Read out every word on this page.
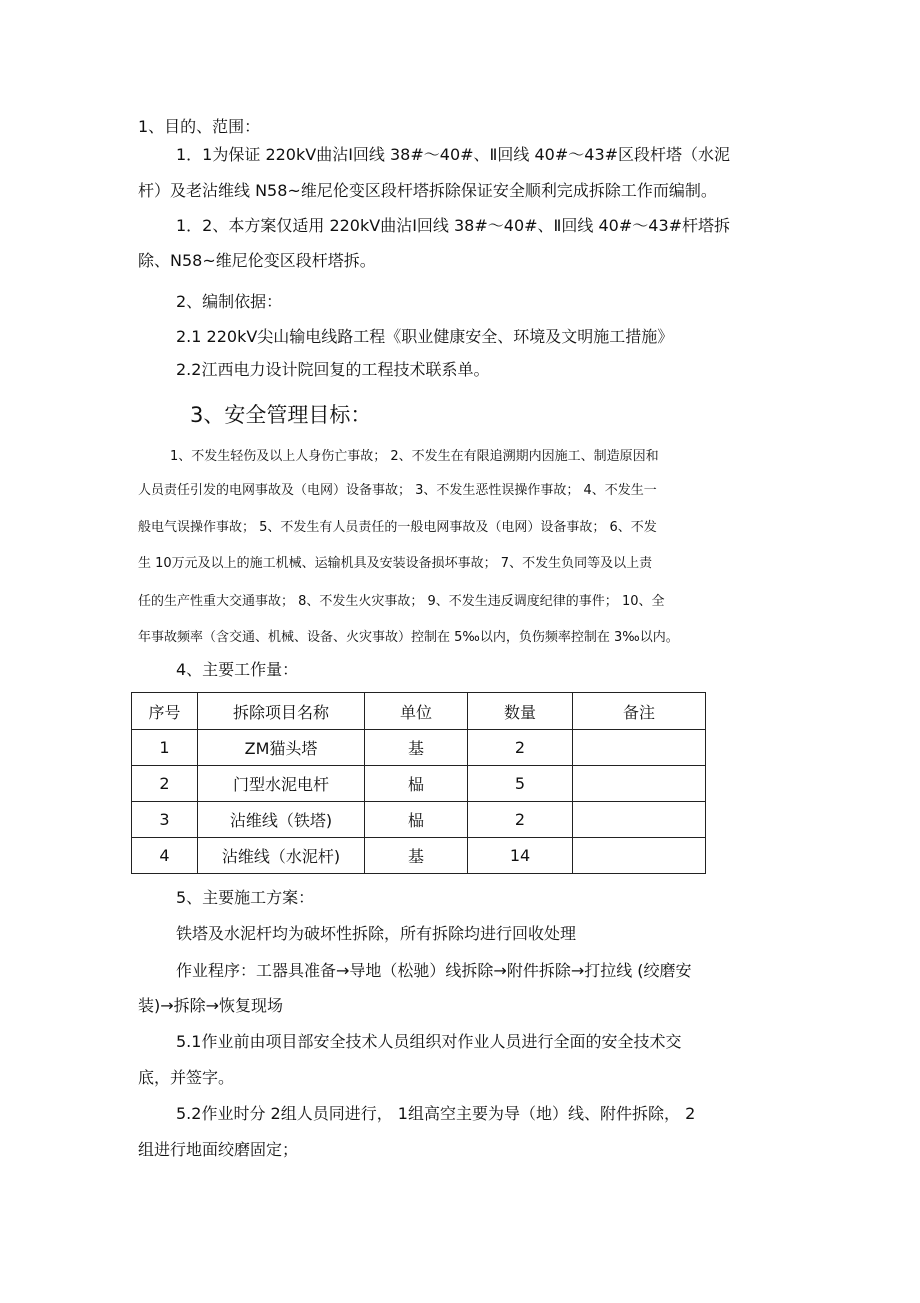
1、目的、范围：
1．1为保证 220kV曲沾Ⅰ回线 38#～40#、Ⅱ回线 40#～43#区段杆塔（水泥
杆）及老沾维线 N58~维尼伦变区段杆塔拆除保证安全顺利完成拆除工作而编制。
1．2、本方案仅适用 220kV曲沾Ⅰ回线 38#～40#、Ⅱ回线 40#～43#杆塔拆
除、N58~维尼伦变区段杆塔拆。
2、编制依据：
2.1 220kV尖山输电线路工程《职业健康安全、环境及文明施工措施》
2.2江西电力设计院回复的工程技术联系单。
3、安全管理目标：
1、不发生轻伤及以上人身伤亡事故； 2、不发生在有限追溯期内因施工、制造原因和
人员责任引发的电网事故及（电网）设备事故； 3、不发生恶性误操作事故； 4、不发生一
般电气误操作事故； 5、不发生有人员责任的一般电网事故及（电网）设备事故； 6、不发
生 10万元及以上的施工机械、运输机具及安装设备损坏事故； 7、不发生负同等及以上责
任的生产性重大交通事故； 8、不发生火灾事故； 9、不发生违反调度纪律的事件； 10、全
年事故频率（含交通、机械、设备、火灾事故）控制在 5‰以内，负伤频率控制在 3‰以内。
4、主要工作量：
序号	拆除项目名称	单位	数量	备注
1	ZM猫头塔	基	2	
2	门型水泥电杆	榀	5	
3	沾维线（铁塔)	榀	2	
4	沾维线（水泥杆)	基	14	
5、主要施工方案：
铁塔及水泥杆均为破坏性拆除，所有拆除均进行回收处理
作业程序：工器具准备→导地（松驰）线拆除→附件拆除→打拉线 (绞磨安
装)→拆除→恢复现场
5.1作业前由项目部安全技术人员组织对作业人员进行全面的安全技术交
底，并签字。
5.2作业时分 2组人员同进行， 1组高空主要为导（地）线、附件拆除， 2
组进行地面绞磨固定；
